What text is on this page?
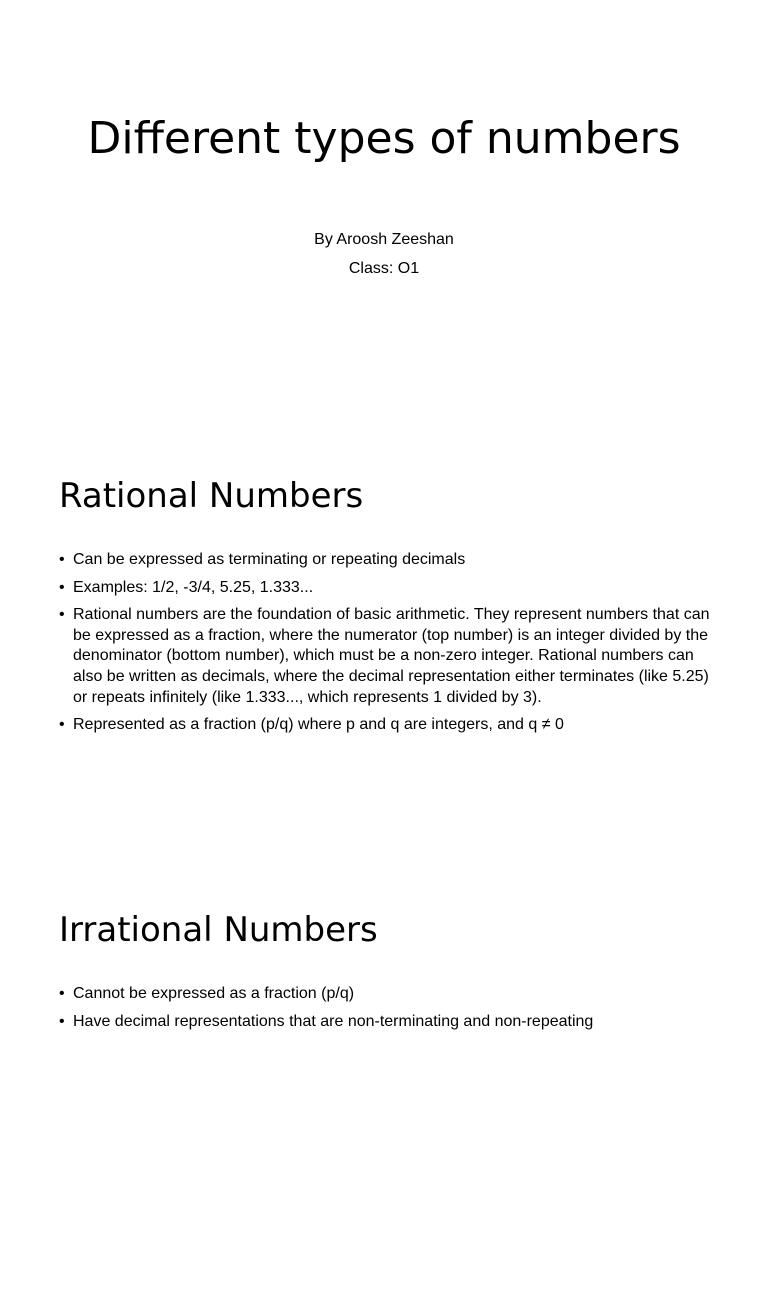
Different types of numbers
By Aroosh Zeeshan
Class: O1
Rational Numbers
• Can be expressed as terminating or repeating decimals
• Examples: 1/2, -3/4, 5.25, 1.333...
• Rational numbers are the foundation of basic arithmetic. They represent numbers that can be expressed as a fraction, where the numerator (top number) is an integer divided by the denominator (bottom number), which must be a non-zero integer. Rational numbers can also be written as decimals, where the decimal representation either terminates (like 5.25) or repeats infinitely (like 1.333..., which represents 1 divided by 3).
• Represented as a fraction (p/q) where p and q are integers, and q ≠ 0
Irrational Numbers
• Cannot be expressed as a fraction (p/q)
• Have decimal representations that are non-terminating and non-repeating
